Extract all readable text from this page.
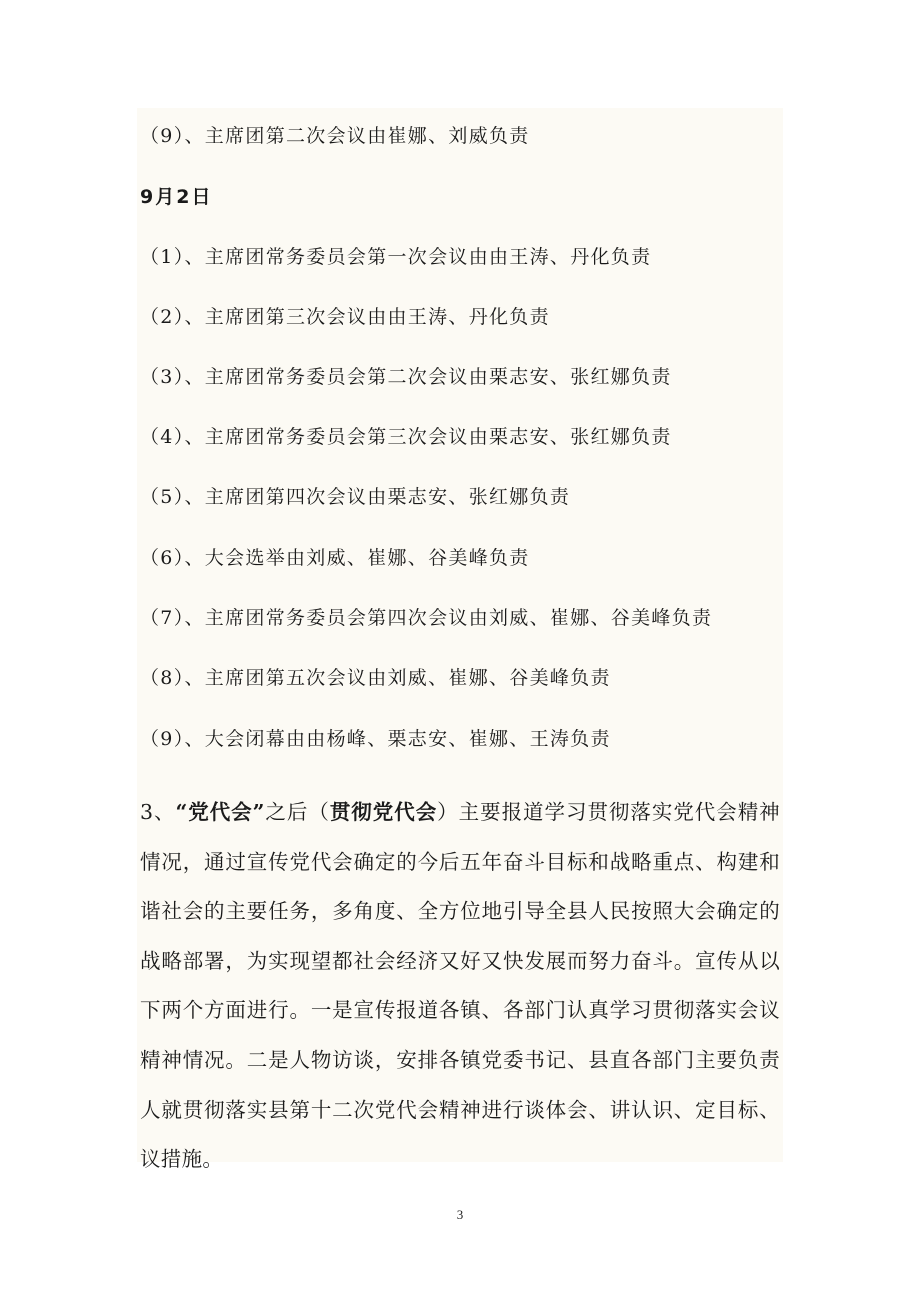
（9）、主席团第二次会议由崔娜、刘威负责
9月2日
（1）、主席团常务委员会第一次会议由由王涛、丹化负责
（2）、主席团第三次会议由由王涛、丹化负责
（3）、主席团常务委员会第二次会议由栗志安、张红娜负责
（4）、主席团常务委员会第三次会议由栗志安、张红娜负责
（5）、主席团第四次会议由栗志安、张红娜负责
（6）、大会选举由刘威、崔娜、谷美峰负责
（7）、主席团常务委员会第四次会议由刘威、崔娜、谷美峰负责
（8）、主席团第五次会议由刘威、崔娜、谷美峰负责
（9）、大会闭幕由由杨峰、栗志安、崔娜、王涛负责
3、“党代会”之后（贯彻党代会）主要报道学习贯彻落实党代会精神情况，通过宣传党代会确定的今后五年奋斗目标和战略重点、构建和谐社会的主要任务，多角度、全方位地引导全县人民按照大会确定的战略部署，为实现望都社会经济又好又快发展而努力奋斗。宣传从以下两个方面进行。一是宣传报道各镇、各部门认真学习贯彻落实会议精神情况。二是人物访谈，安排各镇党委书记、县直各部门主要负责人就贯彻落实县第十二次党代会精神进行谈体会、讲认识、定目标、议措施。
3
